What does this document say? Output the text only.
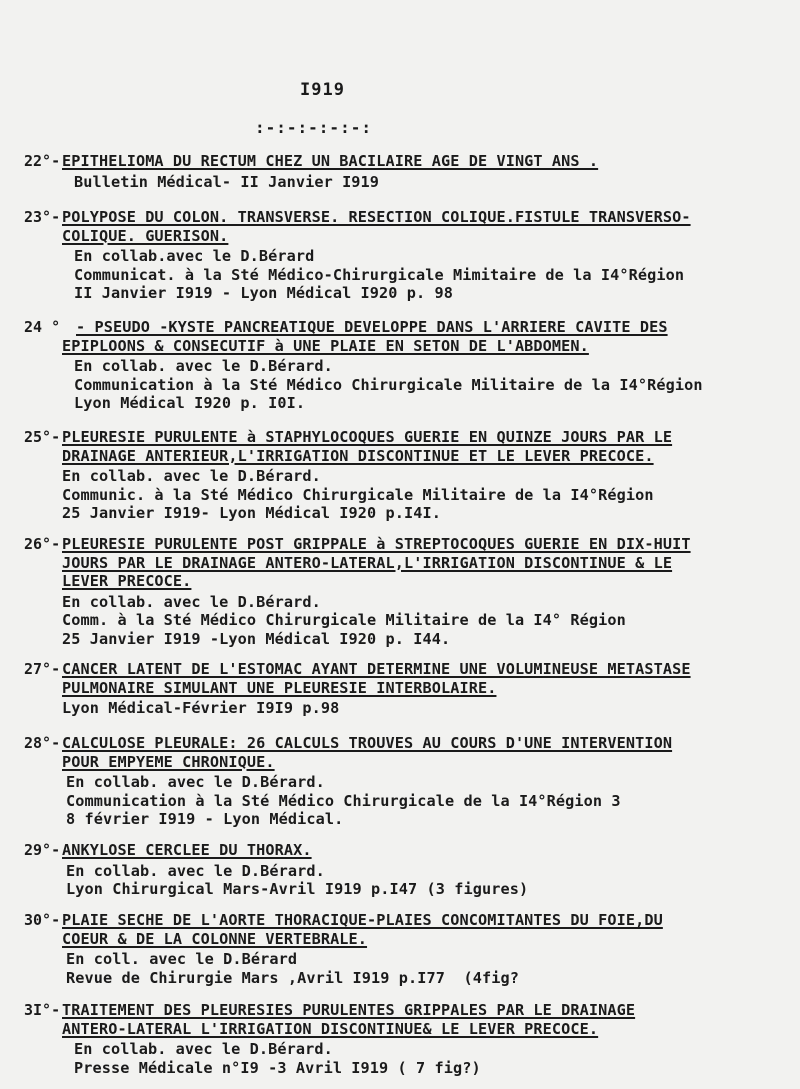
I919
:-:-:-:-:-:
22°- EPITHELIOMA DU RECTUM CHEZ UN BACILAIRE AGE DE VINGT ANS .
Bulletin Médical- II Janvier I919
23°- POLYPOSE DU COLON. TRANSVERSE. RESECTION COLIQUE.FISTULE TRANSVERSO-
COLIQUE. GUERISON.
En collab.avec le D.Bérard
Communicat. à la Sté Médico-Chirurgicale Mimitaire de la I4°Région
II Janvier I919 - Lyon Médical I920 p. 98
24 ° - PSEUDO -KYSTE PANCREATIQUE DEVELOPPE DANS L'ARRIERE CAVITE DES
EPIPLOONS & CONSECUTIF à UNE PLAIE EN SETON DE L'ABDOMEN.
En collab. avec le D.Bérard.
Communication à la Sté Médico Chirurgicale Militaire de la I4°Région
Lyon Médical I920 p. I0I.
25°- PLEURESIE PURULENTE à STAPHYLOCOQUES GUERIE EN QUINZE JOURS PAR LE
DRAINAGE ANTERIEUR,L'IRRIGATION DISCONTINUE ET LE LEVER PRECOCE.
En collab. avec le D.Bérard.
Communic. à la Sté Médico Chirurgicale Militaire de la I4°Région
25 Janvier I919- Lyon Médical I920 p.I4I.
26°- PLEURESIE PURULENTE POST GRIPPALE à STREPTOCOQUES GUERIE EN DIX-HUIT
JOURS PAR LE DRAINAGE ANTERO-LATERAL,L'IRRIGATION DISCONTINUE & LE
LEVER PRECOCE.
En collab. avec le D.Bérard.
Comm. à la Sté Médico Chirurgicale Militaire de la I4° Région
25 Janvier I919 -Lyon Médical I920 p. I44.
27°- CANCER LATENT DE L'ESTOMAC AYANT DETERMINE UNE VOLUMINEUSE METASTASE
PULMONAIRE SIMULANT UNE PLEURESIE INTERBOLAIRE.
Lyon Médical-Février I9I9 p.98
28°- CALCULOSE PLEURALE: 26 CALCULS TROUVES AU COURS D'UNE INTERVENTION
POUR EMPYEME CHRONIQUE.
En collab. avec le D.Bérard.
Communication à la Sté Médico Chirurgicale de la I4°Région 3
8 février I919 - Lyon Médical.
29°- ANKYLOSE CERCLEE DU THORAX.
En collab. avec le D.Bérard.
Lyon Chirurgical Mars-Avril I919 p.I47 (3 figures)
30°- PLAIE SECHE DE L'AORTE THORACIQUE-PLAIES CONCOMITANTES DU FOIE,DU
COEUR & DE LA COLONNE VERTEBRALE.
En coll. avec le D.Bérard
Revue de Chirurgie Mars ,Avril I919 p.I77  (4fig?
3I°- TRAITEMENT DES PLEURESIES PURULENTES GRIPPALES PAR LE DRAINAGE
ANTERO-LATERAL L'IRRIGATION DISCONTINUE& LE LEVER PRECOCE.
En collab. avec le D.Bérard.
Presse Médicale n°I9 -3 Avril I919 ( 7 fig?)
